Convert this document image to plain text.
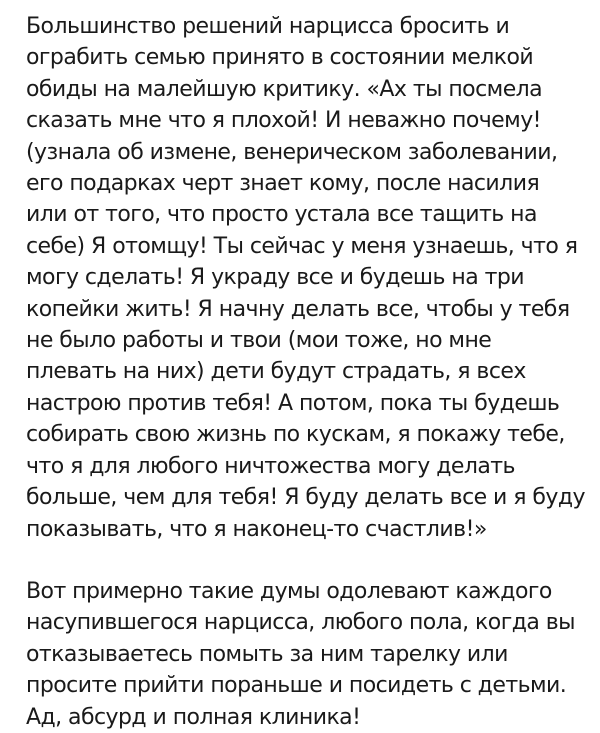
Большинство решений нарцисса бросить и
ограбить семью принято в состоянии мелкой
обиды на малейшую критику. «Ах ты посмела
сказать мне что я плохой! И неважно почему!
(узнала об измене, венерическом заболевании,
его подарках черт знает кому, после насилия
или от того, что просто устала все тащить на
себе) Я отомщу! Ты сейчас у меня узнаешь, что я
могу сделать! Я украду все и будешь на три
копейки жить! Я начну делать все, чтобы у тебя
не было работы и твои (мои тоже, но мне
плевать на них) дети будут страдать, я всех
настрою против тебя! А потом, пока ты будешь
собирать свою жизнь по кускам, я покажу тебе,
что я для любого ничтожества могу делать
больше, чем для тебя! Я буду делать все и я буду
показывать, что я наконец-то счастлив!»
Вот примерно такие думы одолевают каждого
насупившегося нарцисса, любого пола, когда вы
отказываетесь помыть за ним тарелку или
просите прийти пораньше и посидеть с детьми.
Ад, абсурд и полная клиника!
